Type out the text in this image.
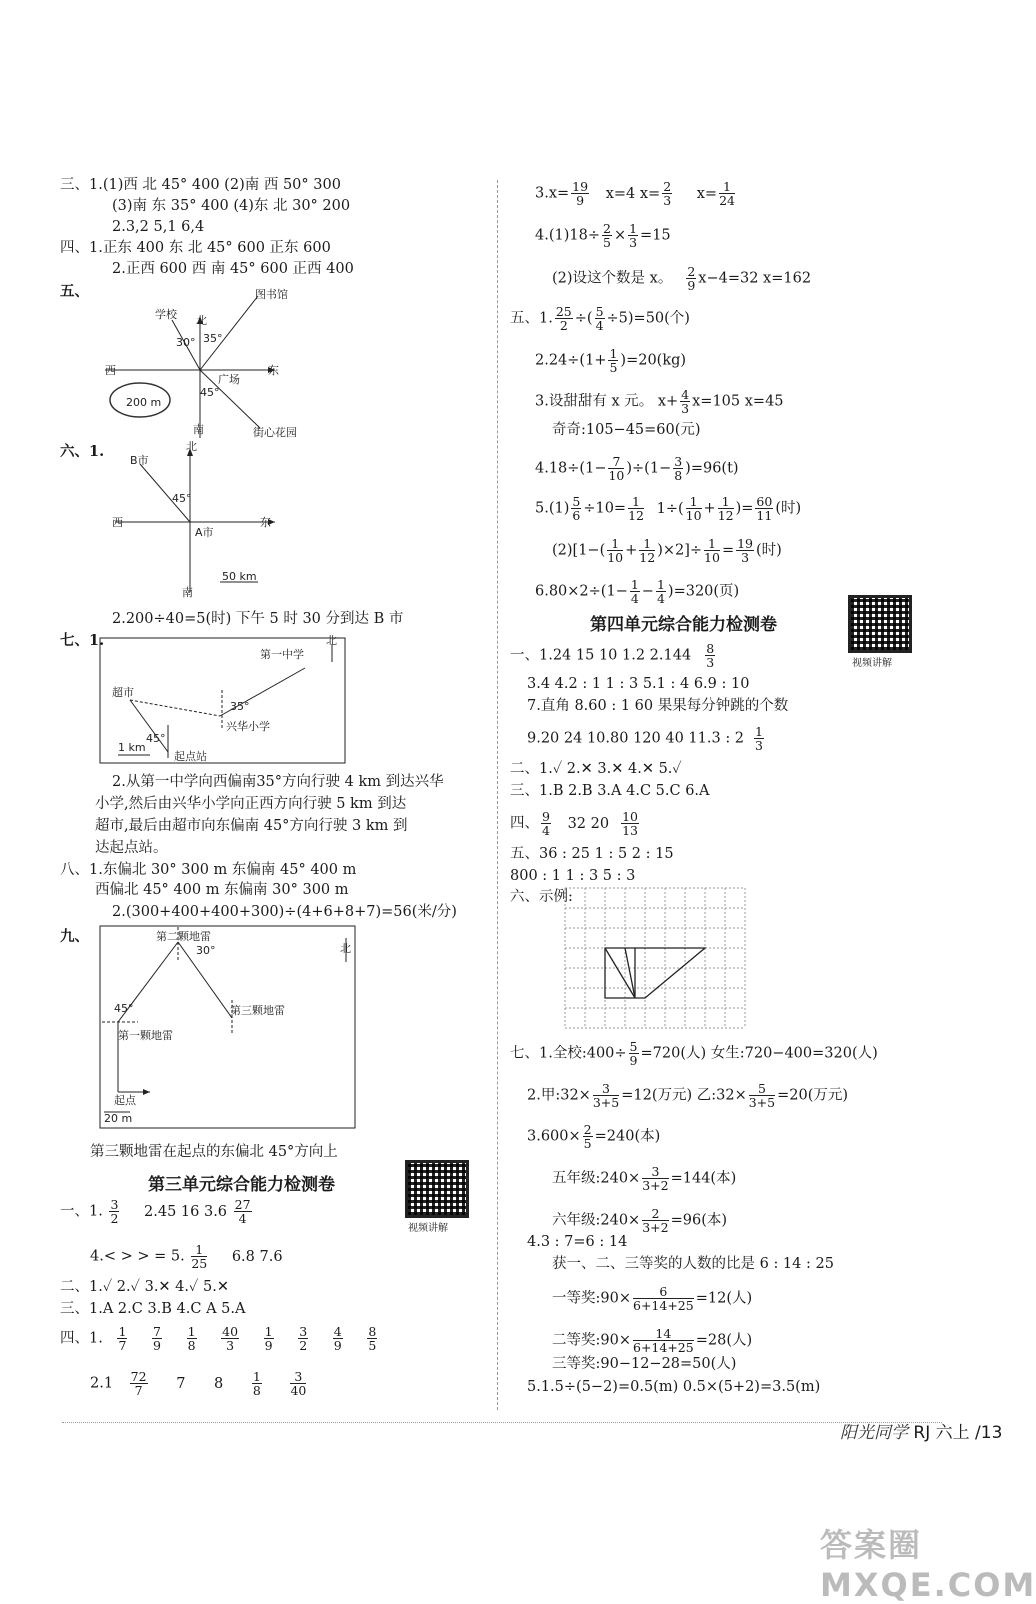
三、1.(1)西 北 45° 400 (2)南 西 50° 300
(3)南 东 35° 400 (4)东 北 30° 200
2.3,2 5,1 6,4
四、1.正东 400 东 北 45° 600 正东 600
2.正西 600 西 南 45° 600 正西 400
五、
学校 北
图书馆
西	东
南
广场
街心花园
30° 35°
45°
200 m
六、1.
B市
北
西	东
南
A市
45°
50 km
2.200÷40=5(时) 下午 5 时 30 分到达 B 市
七、1.
第一中学
北
超市
兴华小学
起点站
35°
45°
1 km
2.从第一中学向西偏南35°方向行驶 4 km 到达兴华
小学,然后由兴华小学向正西方向行驶 5 km 到达
超市,最后由超市向东偏南 45°方向行驶 3 km 到
达起点站。
八、1.东偏北 30° 300 m 东偏南 45° 400 m
西偏北 45° 400 m 东偏南 30° 300 m
2.(300+400+400+300)÷(4+6+8+7)=56(米/分)
九、	第二颗地雷
北
第三颗地雷
第一颗地雷
起点
30°
45°
20 m
第三颗地雷在起点的东偏北 45°方向上
第三单元综合能力检测卷
一、1. $\frac{3}{2} 2.45$ 16 $3.6 \frac{27}{4}$
4.< > > = 5. $\frac{1}{25} 6.8$ 7.6
二、1.✓ 2.✓ 3.✕ 4.✓ 5.✕
三、1.A 2.C 3.B 4.C A 5.A
四、1. $\frac{1}{7}$
$\frac{7}{9}$
$\frac{1}{8}$
$\frac{40}{3}$
$\frac{1}{9}$
$\frac{3}{2}$
$\frac{4}{9}$
$\frac{8}{5}$
$2.1 \frac{72}{7} 7$ $8 \frac{1}{8}$
$\frac{3}{40}$
视频讲解
$3.x= \frac{19}{9} x=4$ $x= \frac{2}{3} x= \frac{1}{24}$
$4.(1)18\div \frac{2}{5} \times \frac{1}{3} =15$
(2)设这个数是 x。 $\frac{2}{9} x-4=32$ x=162
五、1. $\frac{25}{2}$ ÷( $\frac{5}{4} \div 5)=50$(个)
$2.24\div(1+ \frac{1}{5} )=20(kg)$
3.设甜甜有 x 元。 $x+ \frac{4}{3} x=105$ x=45
奇奇:105−45=60(元)
$4.18\div(1- \frac{7}{10} )\div(1- \frac{3}{8} )=96(t)$
$5.(1) \frac{5}{6} \div 10= \frac{1}{12} 1\div( \frac{1}{10} + \frac{1}{12}$ )= $\frac{60}{11}$ (时)
$(2)[1-( \frac{1}{10} + \frac{1}{12} )\times 2]\div \frac{1}{10} = \frac{19}{3}$ (时)
$6.80\times 2\div(1- \frac{1}{4} - \frac{1}{4} )=320$(页)
第四单元综合能力检测卷
一、1.24 15 10 1.2 $2.144 \frac{8}{3}$
3.4 4.2 : 1 1 : 3 5.1 : 4 6.9 : 10
7.直角 8.60 : 1 60 果果每分钟跳的个数
9.20 24 10.80 120 40 11.3 : $2 \frac{1}{3}$
二、1.✓ 2.✕ 3.✕ 4.✕ 5.✓
三、1.B 2.B 3.A 4.C 5.C 6.A
四、 $\frac{9}{4} 32$ $20 \frac{10}{13}$
五、36 : 25 1 : 5 2 : 15
800 : 1 1 : 3 5 : 3
六、示例:
七、1.全校:400÷ $\frac{5}{9} =720$(人) 女生:720−400=320(人)
2.甲:32× $\frac{3}{3+5} =12$(万元) 乙:32× $\frac{5}{3+5} =20$(万元)
$3.600\times \frac{2}{5} =240$(本)
五年级:240× $\frac{3}{3+2} =144$(本)
六年级:240× $\frac{2}{3+2} =96$(本)
4.3 : 7=6 : 14
获一、二、三等奖的人数的比是 6 : 14 : 25
一等奖:90× $\frac{6}{6+14+25} =12$(人)
二等奖:90× $\frac{14}{6+14+25} =28$(人)
三等奖:90−12−28=50(人)
5.1.5÷(5−2)=0.5(m) 0.5×(5+2)=3.5(m)
视频讲解
阳光同学 RJ 六上 /13
答案圈 MXQE.COM
